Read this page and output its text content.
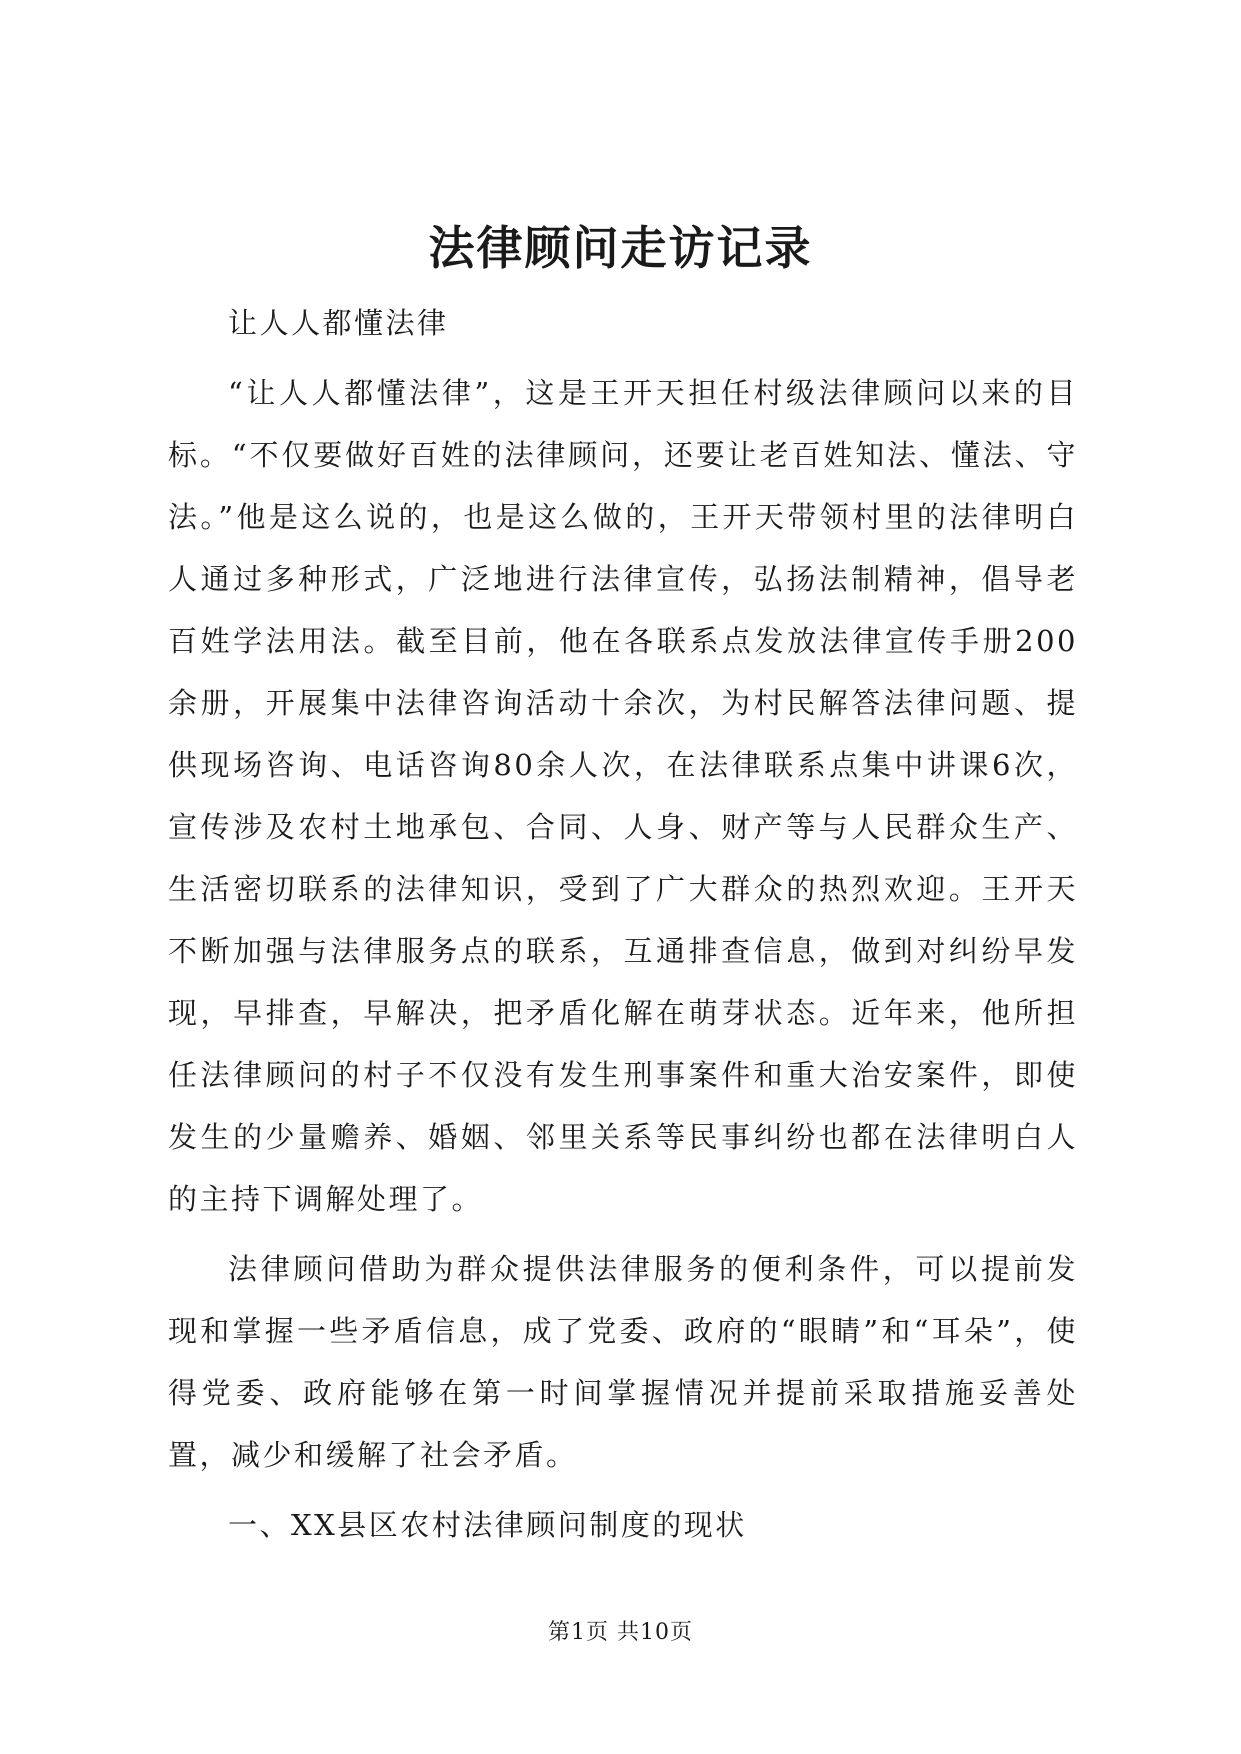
法律顾问走访记录

让人人都懂法律

“让人人都懂法律”，这是王开天担任村级法律顾问以来的目标。“不仅要做好百姓的法律顾问，还要让老百姓知法、懂法、守法。”他是这么说的，也是这么做的，王开天带领村里的法律明白人通过多种形式，广泛地进行法律宣传，弘扬法制精神，倡导老百姓学法用法。截至目前，他在各联系点发放法律宣传手册200余册，开展集中法律咨询活动十余次，为村民解答法律问题、提供现场咨询、电话咨询80余人次，在法律联系点集中讲课6次，宣传涉及农村土地承包、合同、人身、财产等与人民群众生产、生活密切联系的法律知识，受到了广大群众的热烈欢迎。王开天不断加强与法律服务点的联系，互通排查信息，做到对纠纷早发现，早排查，早解决，把矛盾化解在萌芽状态。近年来，他所担任法律顾问的村子不仅没有发生刑事案件和重大治安案件，即使发生的少量赡养、婚姻、邻里关系等民事纠纷也都在法律明白人的主持下调解处理了。

法律顾问借助为群众提供法律服务的便利条件，可以提前发现和掌握一些矛盾信息，成了党委、政府的“眼睛”和“耳朵”，使得党委、政府能够在第一时间掌握情况并提前采取措施妥善处置，减少和缓解了社会矛盾。

一、XX县区农村法律顾问制度的现状

第1页 共10页
